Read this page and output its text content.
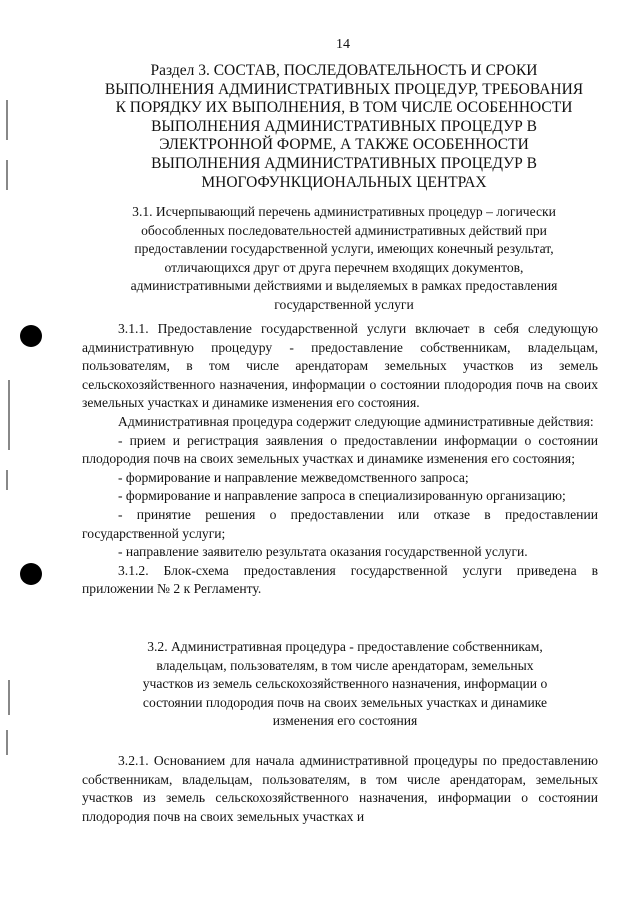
14
Раздел 3. СОСТАВ, ПОСЛЕДОВАТЕЛЬНОСТЬ И СРОКИ ВЫПОЛНЕНИЯ АДМИНИСТРАТИВНЫХ ПРОЦЕДУР, ТРЕБОВАНИЯ К ПОРЯДКУ ИХ ВЫПОЛНЕНИЯ, В ТОМ ЧИСЛЕ ОСОБЕННОСТИ ВЫПОЛНЕНИЯ АДМИНИСТРАТИВНЫХ ПРОЦЕДУР В ЭЛЕКТРОННОЙ ФОРМЕ, А ТАКЖЕ ОСОБЕННОСТИ ВЫПОЛНЕНИЯ АДМИНИСТРАТИВНЫХ ПРОЦЕДУР В МНОГОФУНКЦИОНАЛЬНЫХ ЦЕНТРАХ
3.1. Исчерпывающий перечень административных процедур – логически обособленных последовательностей административных действий при предоставлении государственной услуги, имеющих конечный результат, отличающихся друг от друга перечнем входящих документов, административными действиями и выделяемых в рамках предоставления государственной услуги

3.1.1. Предоставление государственной услуги включает в себя следующую административную процедуру - предоставление собственникам, владельцам, пользователям, в том числе арендаторам земельных участков из земель сельскохозяйственного назначения, информации о состоянии плодородия почв на своих земельных участках и динамике изменения его состояния.

Административная процедура содержит следующие административные действия:

- прием и регистрация заявления о предоставлении информации о состоянии плодородия почв на своих земельных участках и динамике изменения его состояния;

- формирование и направление межведомственного запроса;

- формирование и направление запроса в специализированную организацию;

- принятие решения о предоставлении или отказе в предоставлении государственной услуги;

- направление заявителю результата оказания государственной услуги.

3.1.2. Блок-схема предоставления государственной услуги приведена в приложении № 2 к Регламенту.

3.2. Административная процедура - предоставление собственникам, владельцам, пользователям, в том числе арендаторам, земельных участков из земель сельскохозяйственного назначения, информации о состоянии плодородия почв на своих земельных участках и динамике изменения его состояния

3.2.1. Основанием для начала административной процедуры по предоставлению собственникам, владельцам, пользователям, в том числе арендаторам, земельных участков из земель сельскохозяйственного назначения, информации о состоянии плодородия почв на своих земельных участках и
